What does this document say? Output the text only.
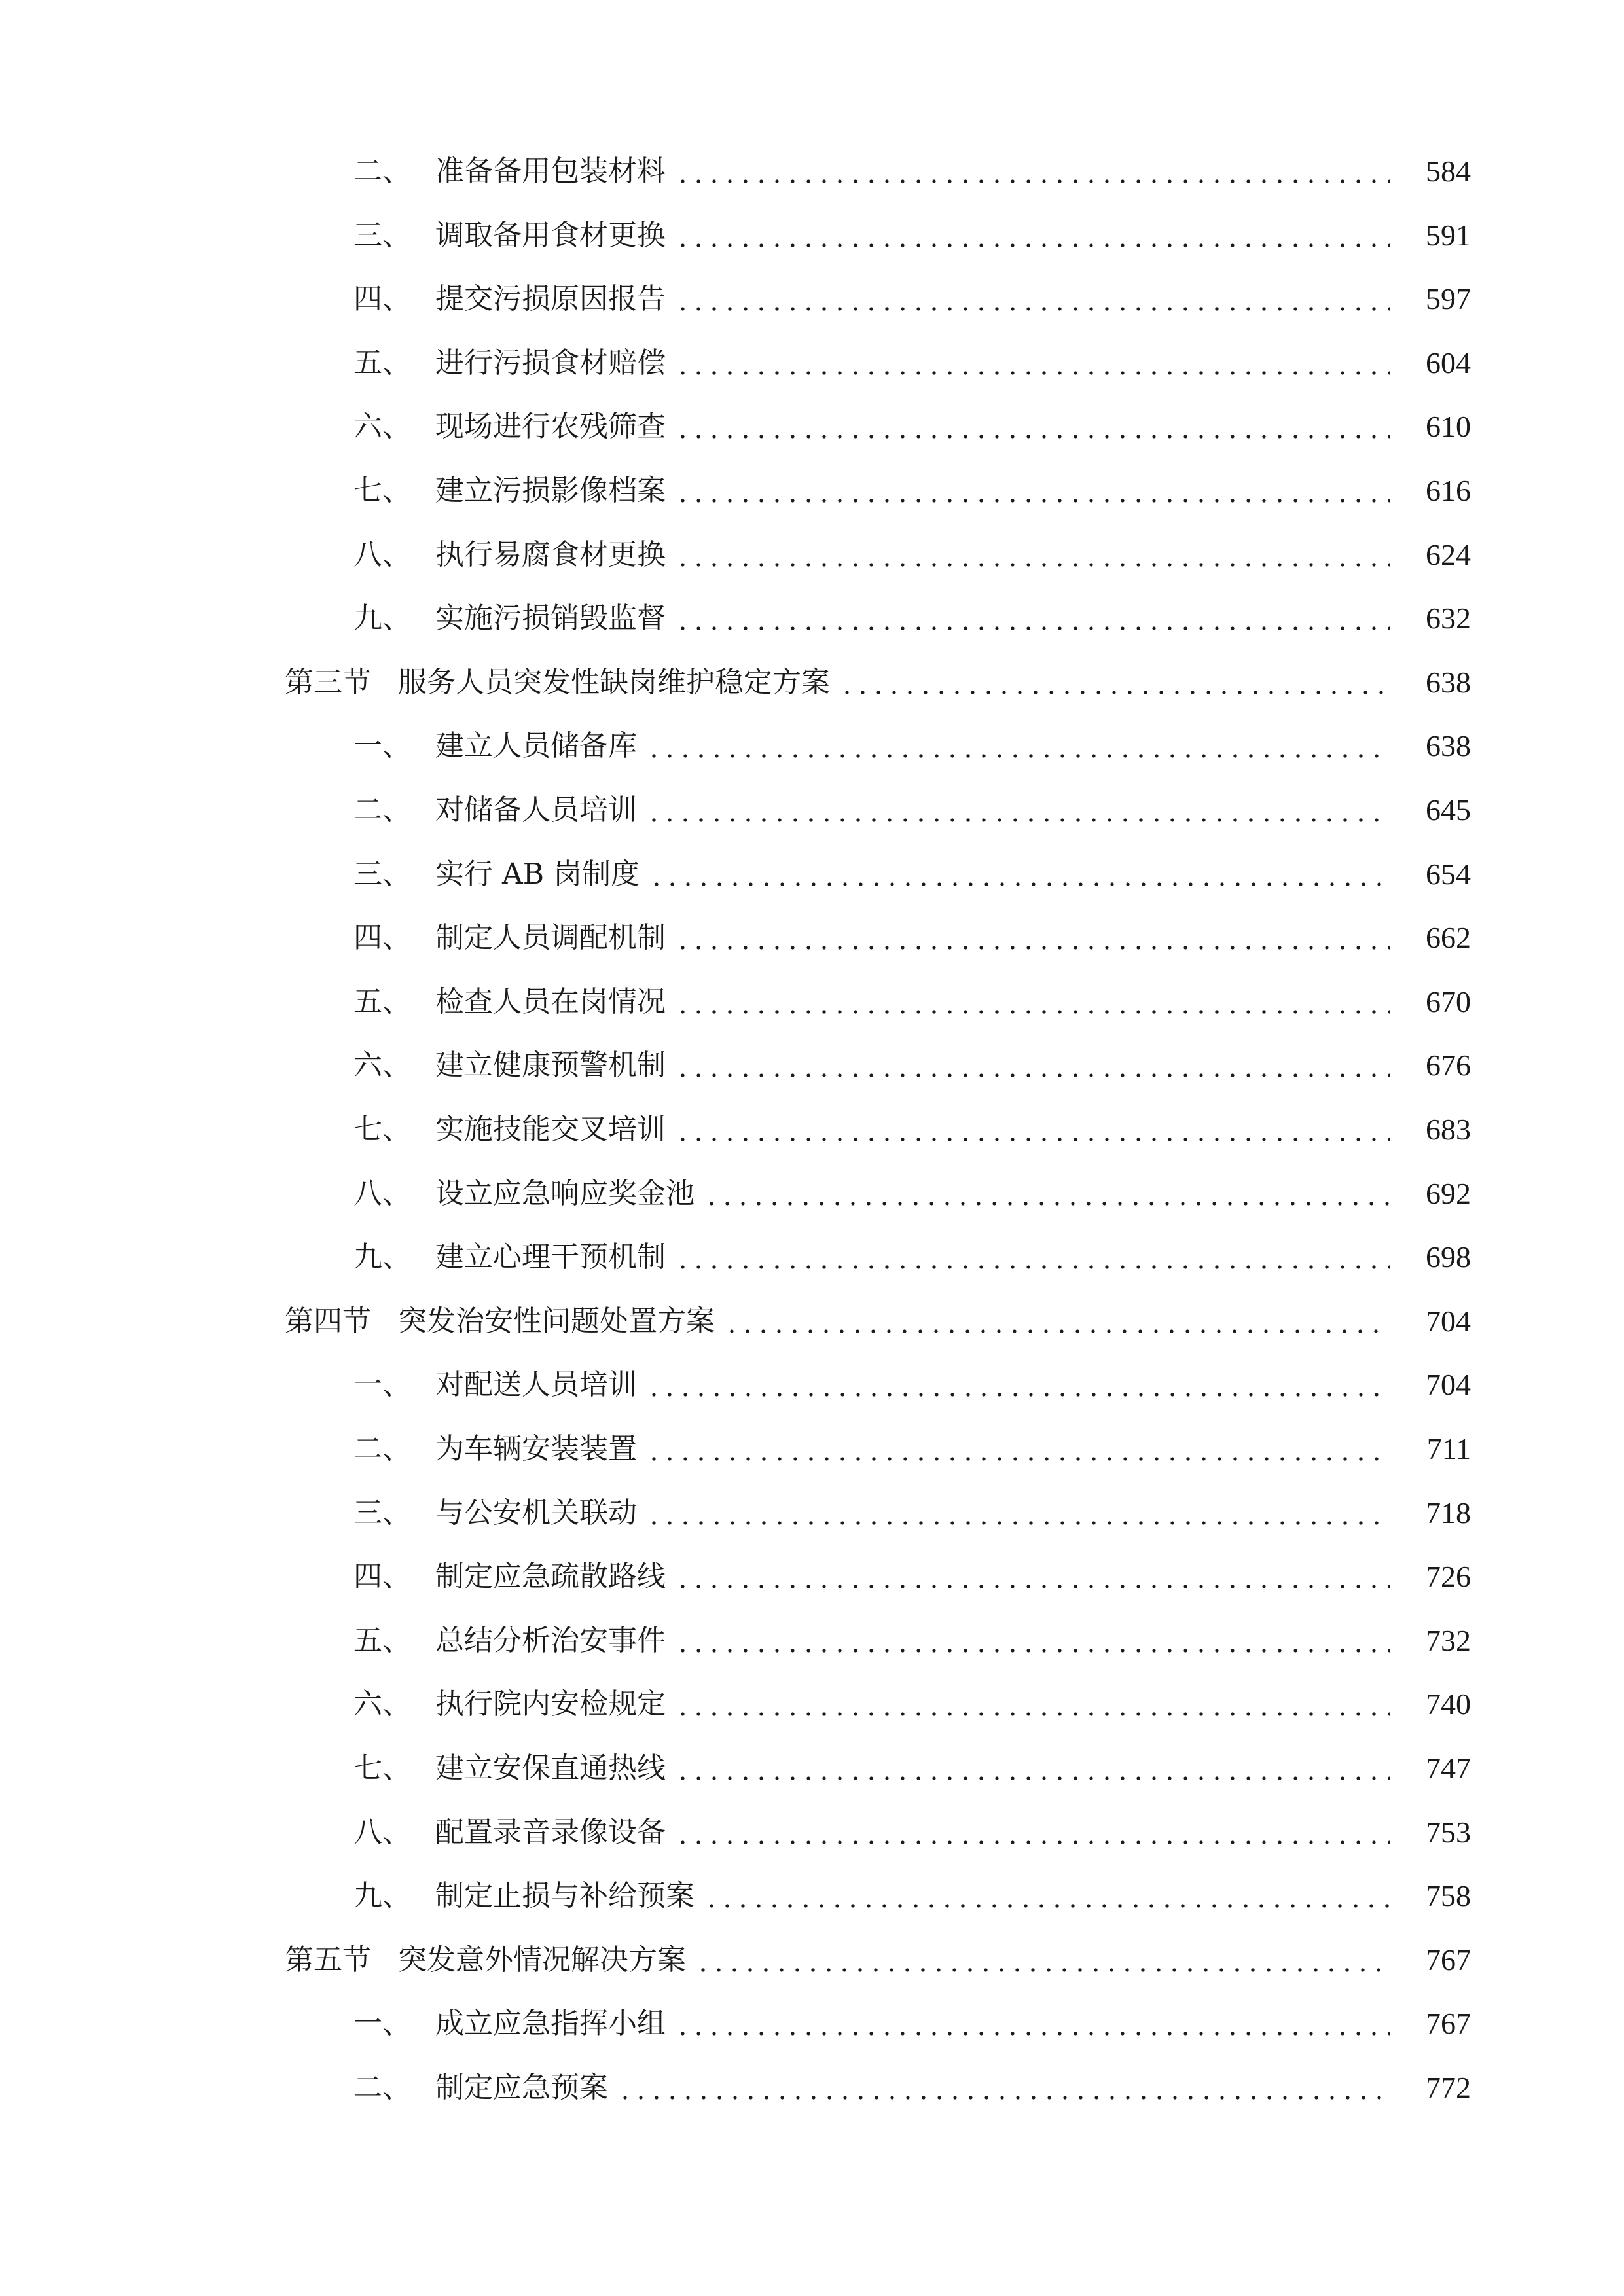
二、 准备备用包装材料	584
三、 调取备用食材更换	591
四、 提交污损原因报告	597
五、 进行污损食材赔偿	604
六、 现场进行农残筛查	610
七、 建立污损影像档案	616
八、 执行易腐食材更换	624
九、 实施污损销毁监督	632
第三节 服务人员突发性缺岗维护稳定方案	638
一、 建立人员储备库	638
二、 对储备人员培训	645
三、 实行 AB 岗制度	654
四、 制定人员调配机制	662
五、 检查人员在岗情况	670
六、 建立健康预警机制	676
七、 实施技能交叉培训	683
八、 设立应急响应奖金池	692
九、 建立心理干预机制	698
第四节 突发治安性问题处置方案	704
一、 对配送人员培训	704
二、 为车辆安装装置	711
三、 与公安机关联动	718
四、 制定应急疏散路线	726
五、 总结分析治安事件	732
六、 执行院内安检规定	740
七、 建立安保直通热线	747
八、 配置录音录像设备	753
九、 制定止损与补给预案	758
第五节 突发意外情况解决方案	767
一、 成立应急指挥小组	767
二、 制定应急预案	772
